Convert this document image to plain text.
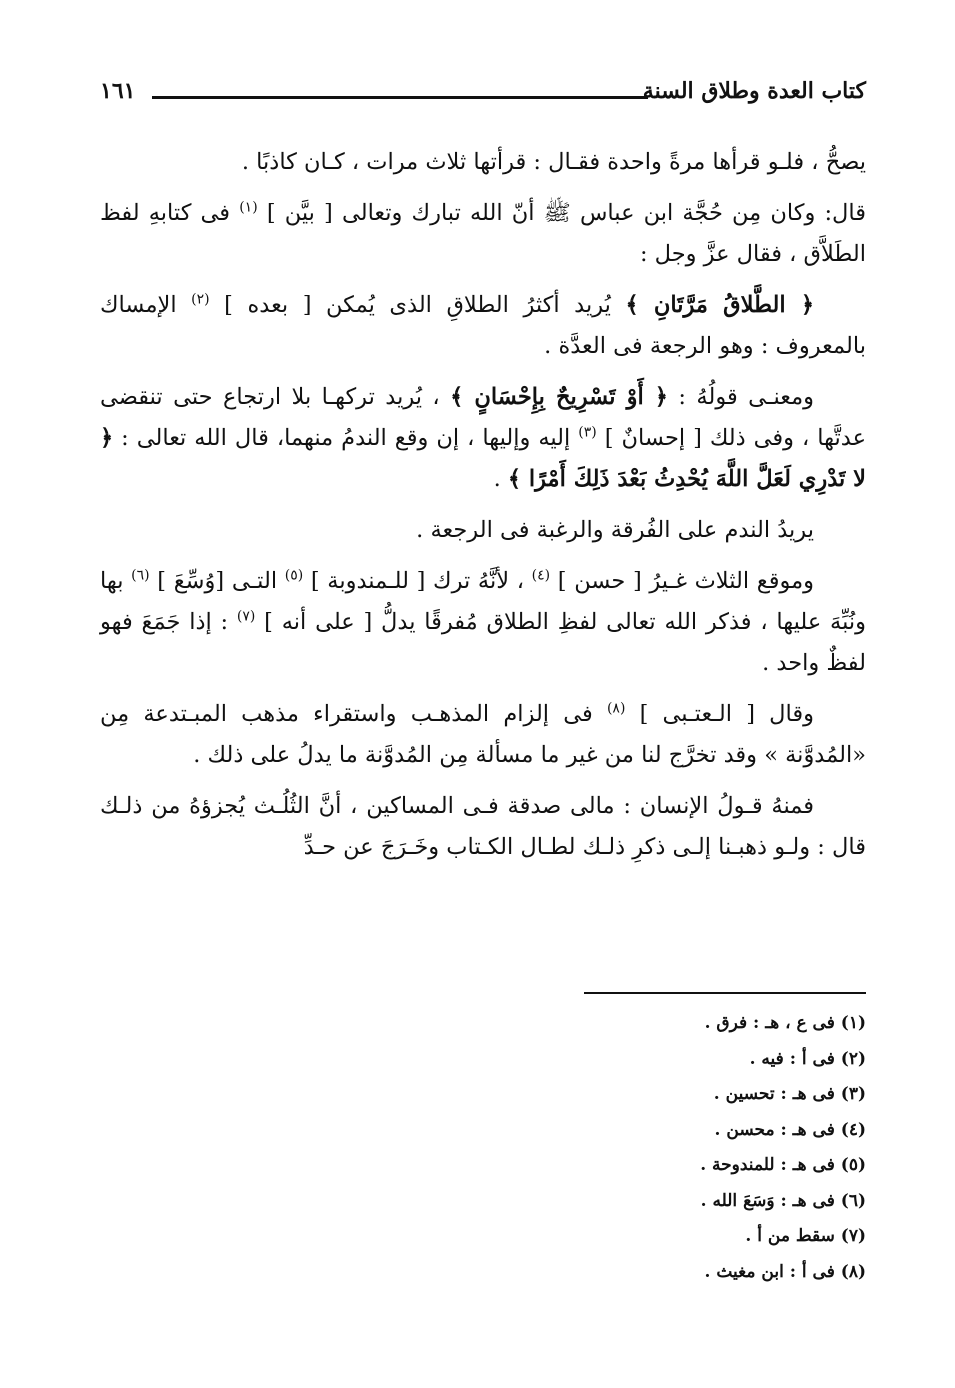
كتاب العدة وطلاق السنة
١٦١

يصحُّ ، فلـو قرأها مرةً واحدة فقـال : قرأتها ثلاث مرات ، كـان كاذبًا .

قال: وكان مِن حُجَّة ابن عباس ﷺ أنّ الله تبارك وتعالى [ بيَّن ] $^{(١)}$ فى كتابهِ لفظ الطَلاَّق ، فقال عزَّ وجل :

﴿ الطَّلاقُ مَرَّتَانِ ﴾ يُريد أكثرُ الطلاقِ الذى يُمكن [ بعده ] $^{(٢)}$ الإمساك بالمعروف : وهو الرجعة فى العدَّة .

ومعنـى قولُهُ : ﴿ أَوْ تَسْرِيحٌ بِإِحْسَانٍ ﴾ ، يُريد تركهـا بلا ارتجاع حتى تنقضى عدتَّها ، وفى ذلك [ إحسانٌ ] $^{(٣)}$ إليه وإليها ، إن وقع الندمُ منهما، قال الله تعالى : ﴿ لا تَدْرِي لَعَلَّ اللَّهَ يُحْدِثُ بَعْدَ ذَلِكَ أَمْرًا ﴾ .

يريدُ الندم على الفُرقة والرغبة فى الرجعة .

وموقع الثلاث غـيرُ [ حسن ] $^{(٤)}$ ، لأنَّهُ ترك [ للـمندوبة ] $^{(٥)}$ التـى [وُسِّعَ ] $^{(٦)}$ بها ونُبِّهَ عليها ، فذكر الله تعالى لفظِ الطلاق مُفرقًا يدلُّ [ على أنه ] $^{(٧)}$ : إذا جَمَعَ فهو لفظٌ واحد .

وقال [ الـعتـبى ] $^{(٨)}$ فى إلزام المذهـب واستقراء مذهب المبـتدعة مِن «المُدوَّنة » وقد تخرَّج لنا من غير ما مسألة مِن المُدوَّنة ما يدلُ على ذلك .

فمنهُ قـولُ الإنسان : مالى صدقة فـى المساكين ، أنَّ الثُلُـث يُجزؤهُ من ذلـك قال : ولـو ذهبـنا إلـى ذكرِ ذلـك لطـال الكـتاب وخَـرَجَ عن حـدِّ

(١) فى ع ، هـ : فرق .
(٢) فى أ : فيه .
(٣) فى هـ : تحسين .
(٤) فى هـ : محسن .
(٥) فى هـ : للمندوحة .
(٦) فى هـ : وَسَعَ الله .
(٧) سقط من أ .
(٨) فى أ : ابن مغيث .
